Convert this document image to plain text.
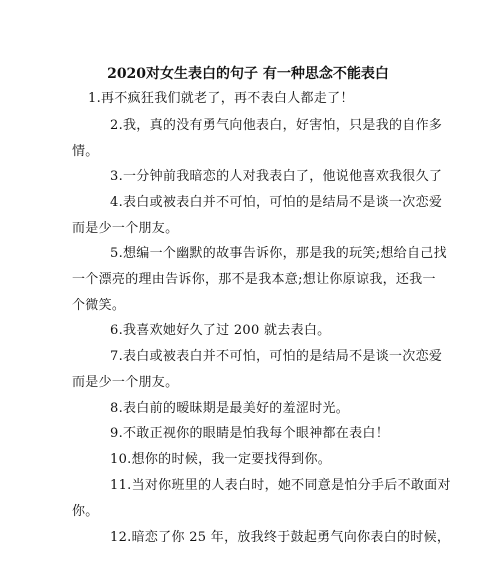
2020对女生表白的句子 有一种思念不能表白
1.再不疯狂我们就老了，再不表白人都走了！
2.我，真的没有勇气向他表白，好害怕，只是我的自作多
情。
3.一分钟前我暗恋的人对我表白了，他说他喜欢我很久了
4.表白或被表白并不可怕，可怕的是结局不是谈一次恋爱
而是少一个朋友。
5.想编一个幽默的故事告诉你，那是我的玩笑;想给自己找
一个漂亮的理由告诉你，那不是我本意;想让你原谅我，还我一
个微笑。
6.我喜欢她好久了过 200 就去表白。
7.表白或被表白并不可怕，可怕的是结局不是谈一次恋爱
而是少一个朋友。
8.表白前的暧昧期是最美好的羞涩时光。
9.不敢正视你的眼睛是怕我每个眼神都在表白！
10.想你的时候，我一定要找得到你。
11.当对你班里的人表白时，她不同意是怕分手后不敢面对
你。
12.暗恋了你 25 年，放我终于鼓起勇气向你表白的时候，
